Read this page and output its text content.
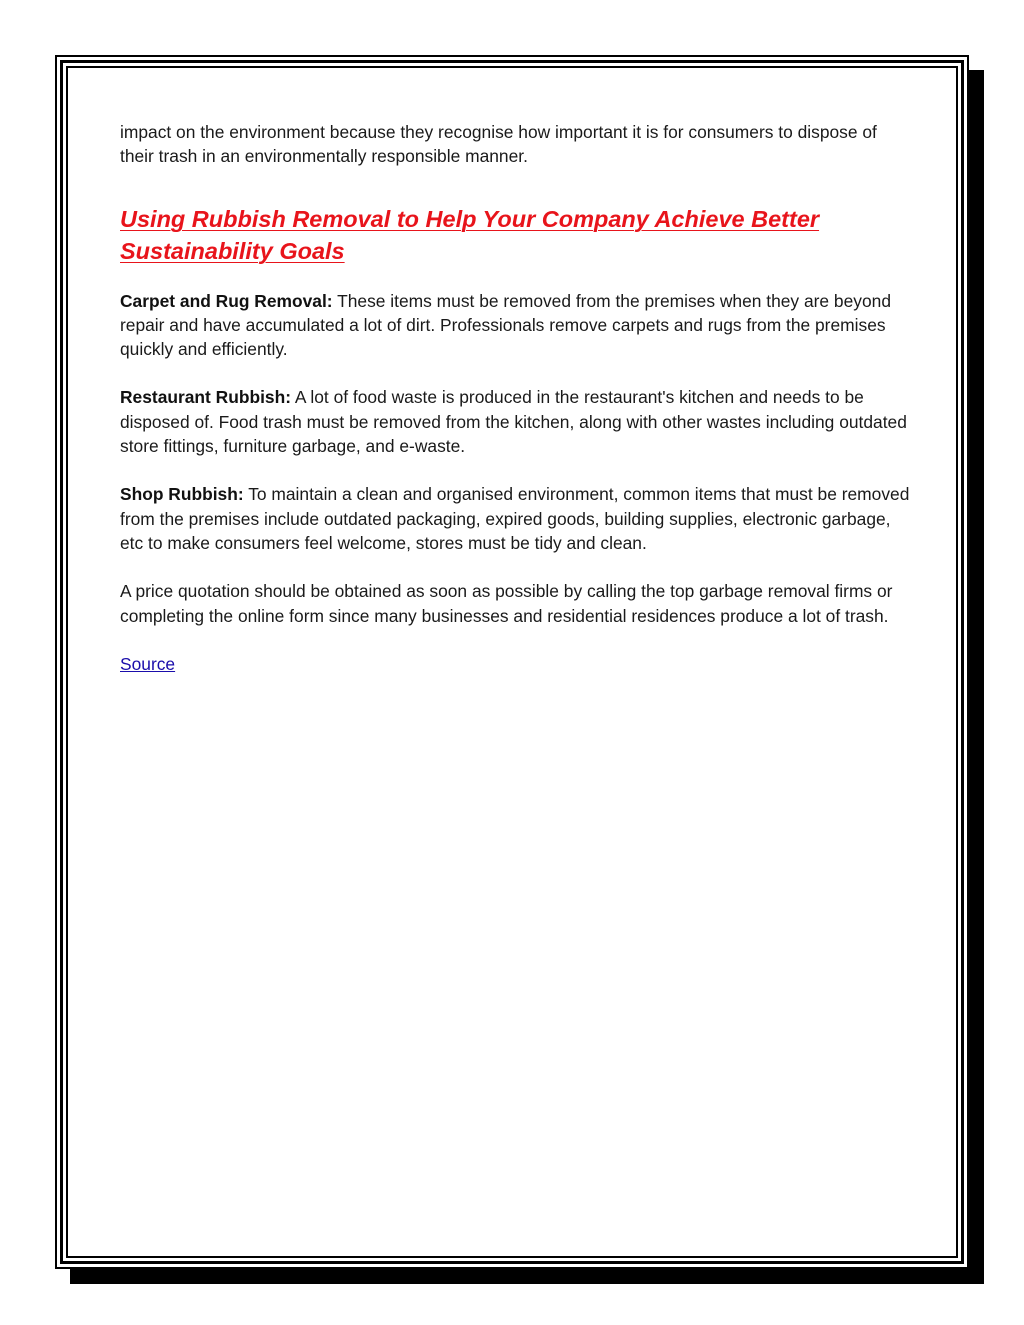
impact on the environment because they recognise how important it is for consumers to dispose of their trash in an environmentally responsible manner.

Using Rubbish Removal to Help Your Company Achieve Better Sustainability Goals

Carpet and Rug Removal: These items must be removed from the premises when they are beyond repair and have accumulated a lot of dirt. Professionals remove carpets and rugs from the premises quickly and efficiently.

Restaurant Rubbish: A lot of food waste is produced in the restaurant's kitchen and needs to be disposed of. Food trash must be removed from the kitchen, along with other wastes including outdated store fittings, furniture garbage, and e-waste.

Shop Rubbish: To maintain a clean and organised environment, common items that must be removed from the premises include outdated packaging, expired goods, building supplies, electronic garbage, etc to make consumers feel welcome, stores must be tidy and clean.

A price quotation should be obtained as soon as possible by calling the top garbage removal firms or completing the online form since many businesses and residential residences produce a lot of trash.

Source
